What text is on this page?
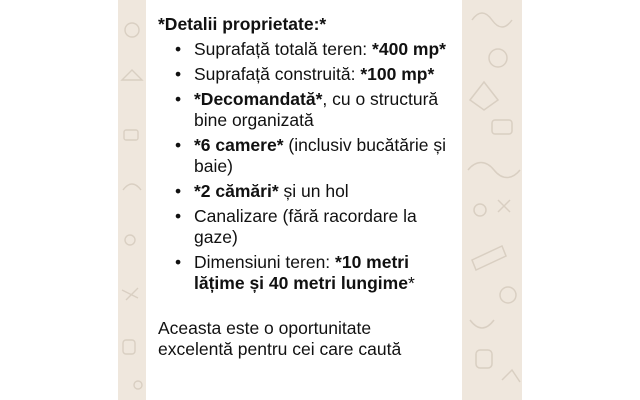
*Detalii proprietate:*
• Suprafață totală teren: *400 mp*
• Suprafață construită: *100 mp*
• *Decomandată*, cu o structură bine organizată
• *6 camere* (inclusiv bucătărie și baie)
• *2 cămări* și un hol
• Canalizare (fără racordare la gaze)
• Dimensiuni teren: *10 metri lățime și 40 metri lungime*
Aceasta este o oportunitate
excelentă pentru cei care caută
